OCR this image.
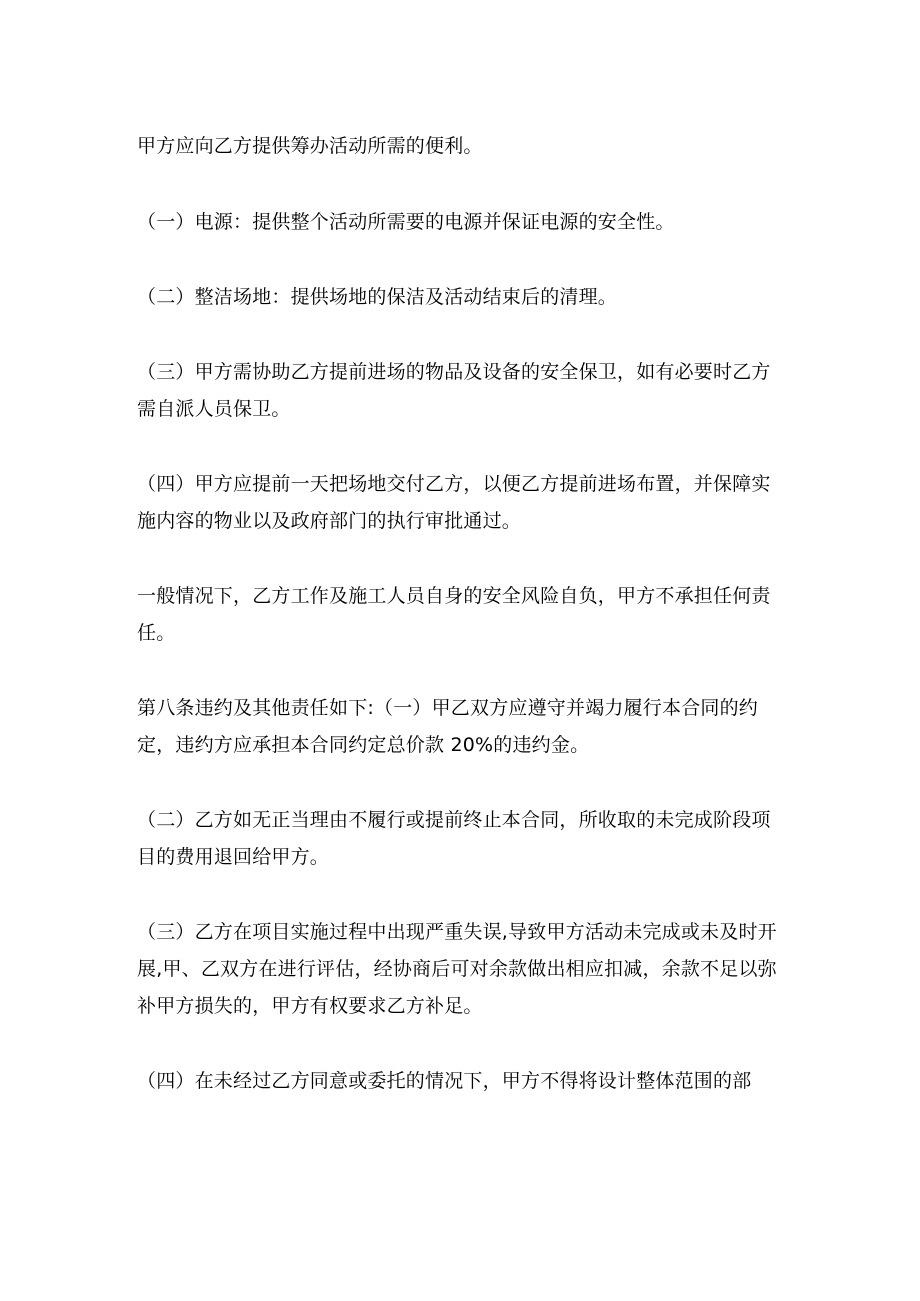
甲方应向乙方提供筹办活动所需的便利。

（一）电源：提供整个活动所需要的电源并保证电源的安全性。

（二）整洁场地：提供场地的保洁及活动结束后的清理。

（三）甲方需协助乙方提前进场的物品及设备的安全保卫，如有必要时乙方需自派人员保卫。

（四）甲方应提前一天把场地交付乙方，以便乙方提前进场布置，并保障实施内容的物业以及政府部门的执行审批通过。

一般情况下，乙方工作及施工人员自身的安全风险自负，甲方不承担任何责任。

第八条违约及其他责任如下:（一）甲乙双方应遵守并竭力履行本合同的约定，违约方应承担本合同约定总价款 20%的违约金。

（二）乙方如无正当理由不履行或提前终止本合同，所收取的未完成阶段项目的费用退回给甲方。

（三）乙方在项目实施过程中出现严重失误,导致甲方活动未完成或未及时开展,甲、乙双方在进行评估，经协商后可对余款做出相应扣减，余款不足以弥补甲方损失的，甲方有权要求乙方补足。

（四）在未经过乙方同意或委托的情况下，甲方不得将设计整体范围的部
